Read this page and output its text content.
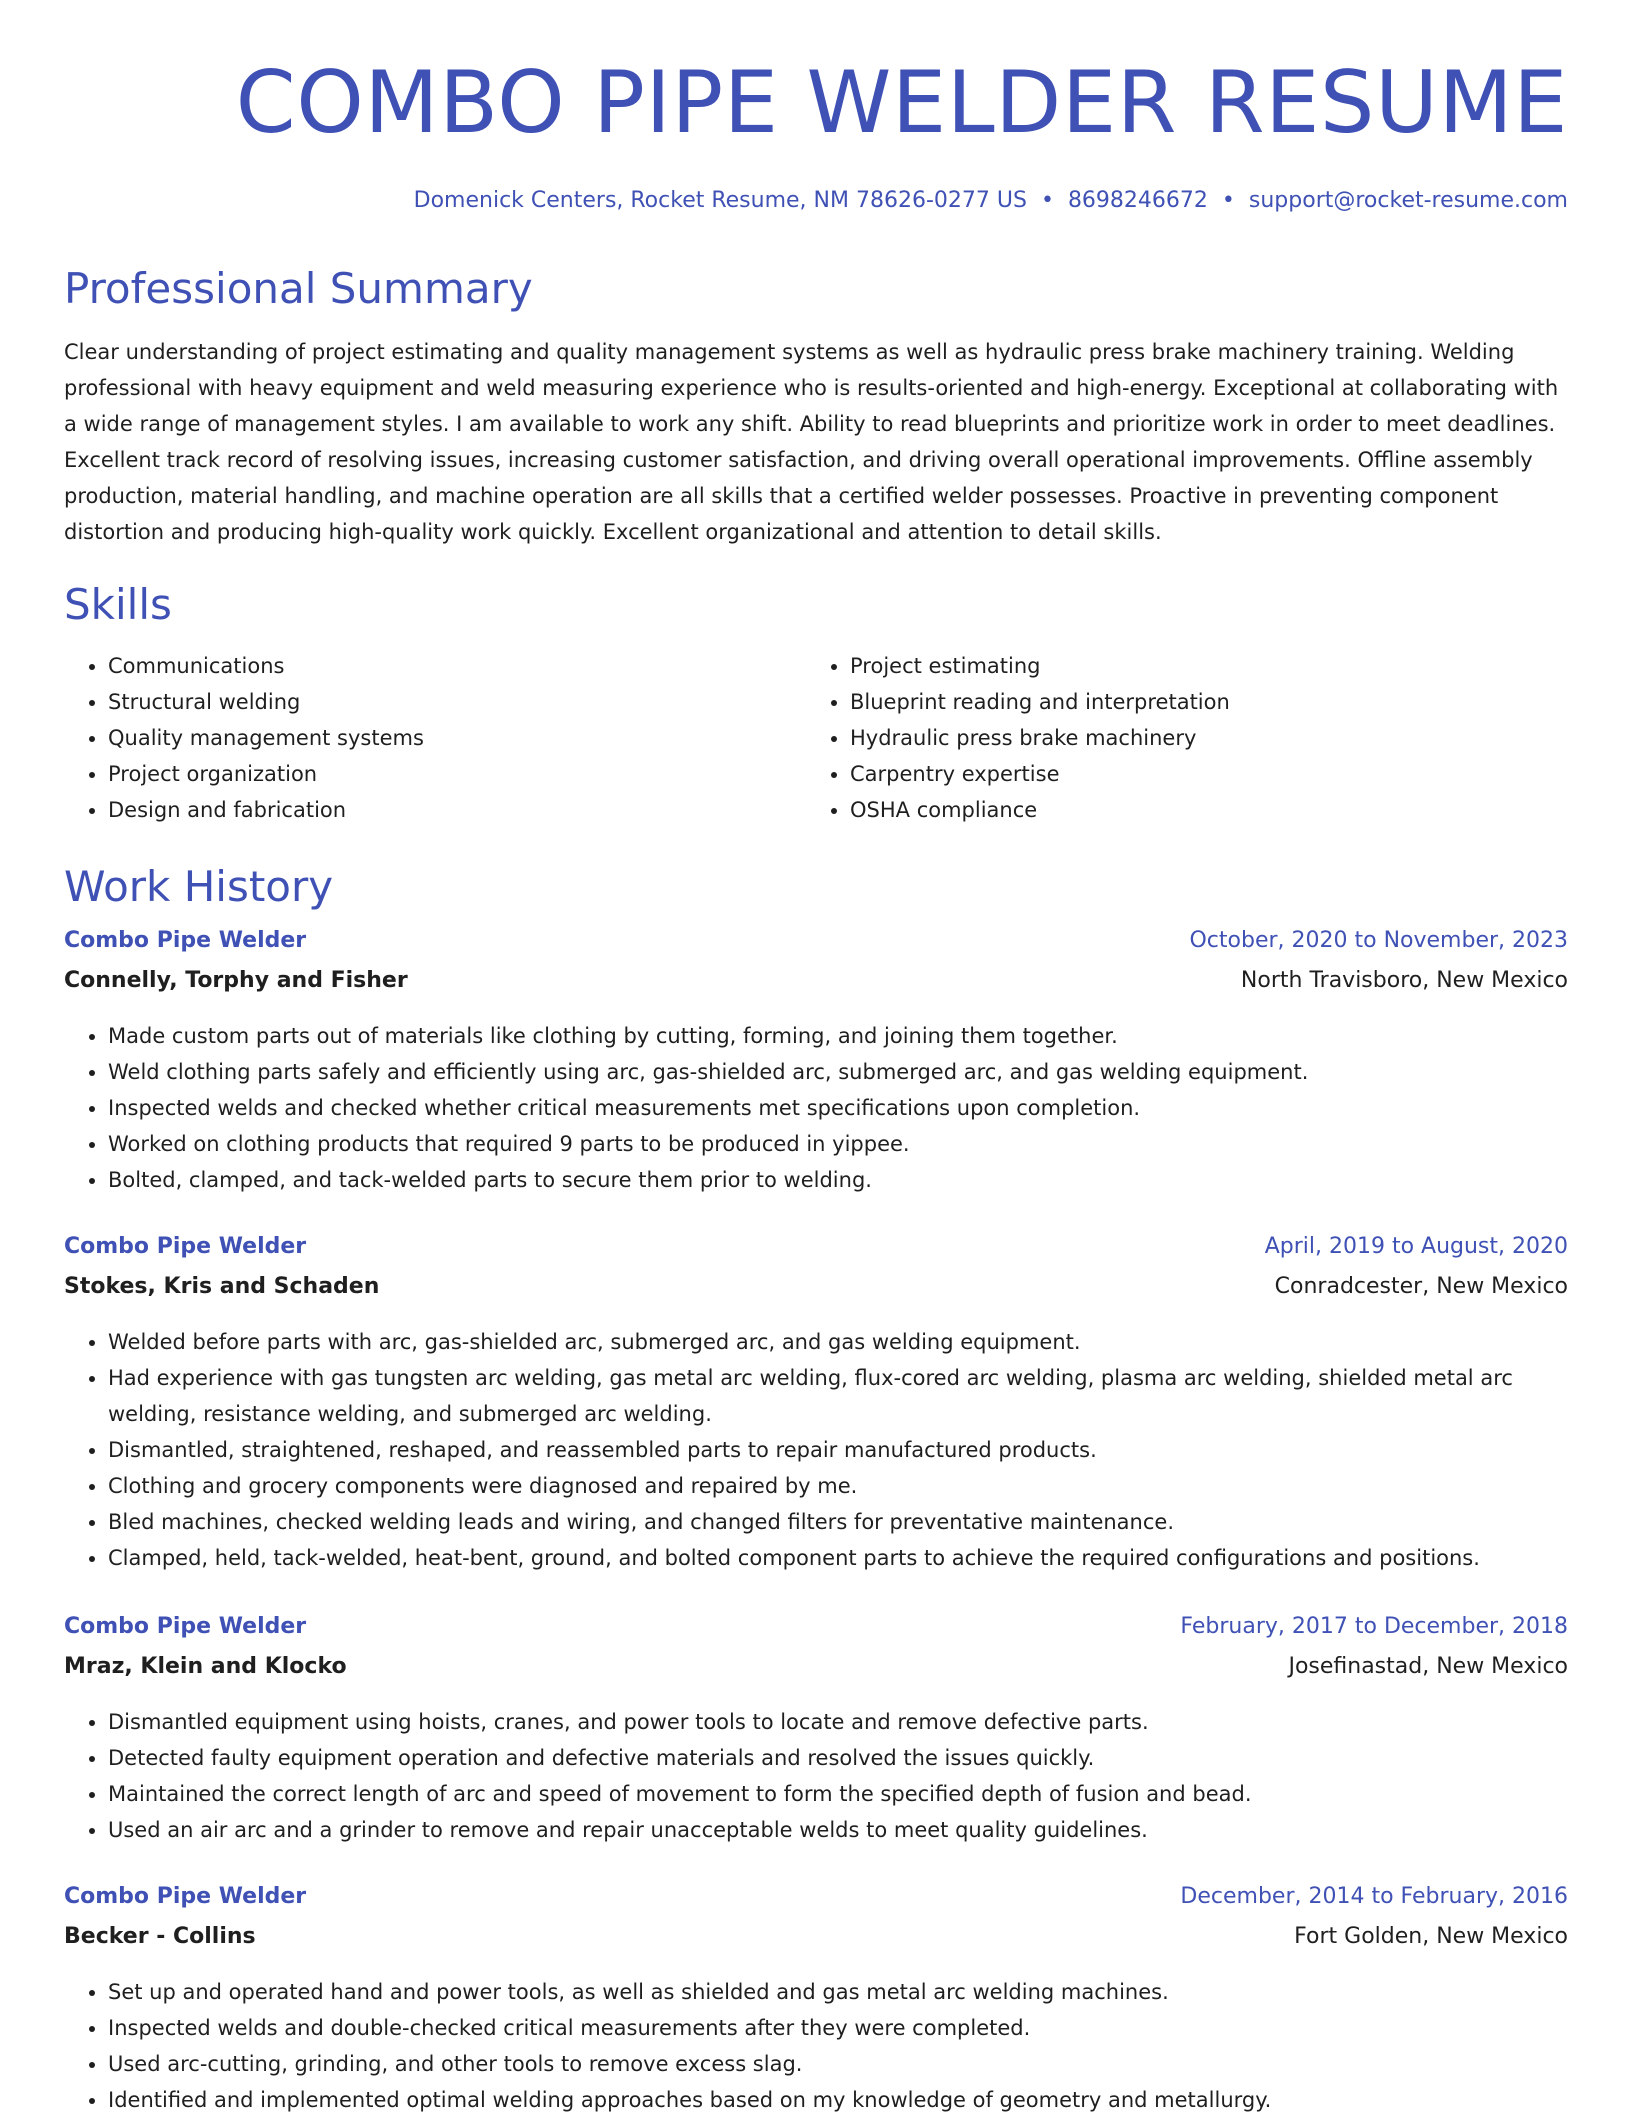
COMBO PIPE WELDER RESUME
Domenick Centers, Rocket Resume, NM 78626-0277 US • 8698246672 • support@rocket-resume.com
Professional Summary

Clear understanding of project estimating and quality management systems as well as hydraulic press brake machinery training. Welding professional with heavy equipment and weld measuring experience who is results-oriented and high-energy. Exceptional at collaborating with a wide range of management styles. I am available to work any shift. Ability to read blueprints and prioritize work in order to meet deadlines. Excellent track record of resolving issues, increasing customer satisfaction, and driving overall operational improvements. Offline assembly production, material handling, and machine operation are all skills that a certified welder possesses. Proactive in preventing component distortion and producing high-quality work quickly. Excellent organizational and attention to detail skills.

Skills
• Communications
• Structural welding
• Quality management systems
• Project organization
• Design and fabrication
• Project estimating
• Blueprint reading and interpretation
• Hydraulic press brake machinery
• Carpentry expertise
• OSHA compliance
Work History
Combo Pipe Welder	October, 2020 to November, 2023
Connelly, Torphy and Fisher	North Travisboro, New Mexico
• Made custom parts out of materials like clothing by cutting, forming, and joining them together.
• Weld clothing parts safely and efficiently using arc, gas-shielded arc, submerged arc, and gas welding equipment.
• Inspected welds and checked whether critical measurements met specifications upon completion.
• Worked on clothing products that required 9 parts to be produced in yippee.
• Bolted, clamped, and tack-welded parts to secure them prior to welding.
Combo Pipe Welder	April, 2019 to August, 2020
Stokes, Kris and Schaden	Conradcester, New Mexico
• Welded before parts with arc, gas-shielded arc, submerged arc, and gas welding equipment.
• Had experience with gas tungsten arc welding, gas metal arc welding, flux-cored arc welding, plasma arc welding, shielded metal arc welding, resistance welding, and submerged arc welding.
• Dismantled, straightened, reshaped, and reassembled parts to repair manufactured products.
• Clothing and grocery components were diagnosed and repaired by me.
• Bled machines, checked welding leads and wiring, and changed filters for preventative maintenance.
• Clamped, held, tack-welded, heat-bent, ground, and bolted component parts to achieve the required configurations and positions.
Combo Pipe Welder	February, 2017 to December, 2018
Mraz, Klein and Klocko	Josefinastad, New Mexico
• Dismantled equipment using hoists, cranes, and power tools to locate and remove defective parts.
• Detected faulty equipment operation and defective materials and resolved the issues quickly.
• Maintained the correct length of arc and speed of movement to form the specified depth of fusion and bead.
• Used an air arc and a grinder to remove and repair unacceptable welds to meet quality guidelines.
Combo Pipe Welder	December, 2014 to February, 2016
Becker - Collins	Fort Golden, New Mexico
• Set up and operated hand and power tools, as well as shielded and gas metal arc welding machines.
• Inspected welds and double-checked critical measurements after they were completed.
• Used arc-cutting, grinding, and other tools to remove excess slag.
• Identified and implemented optimal welding approaches based on my knowledge of geometry and metallurgy.
